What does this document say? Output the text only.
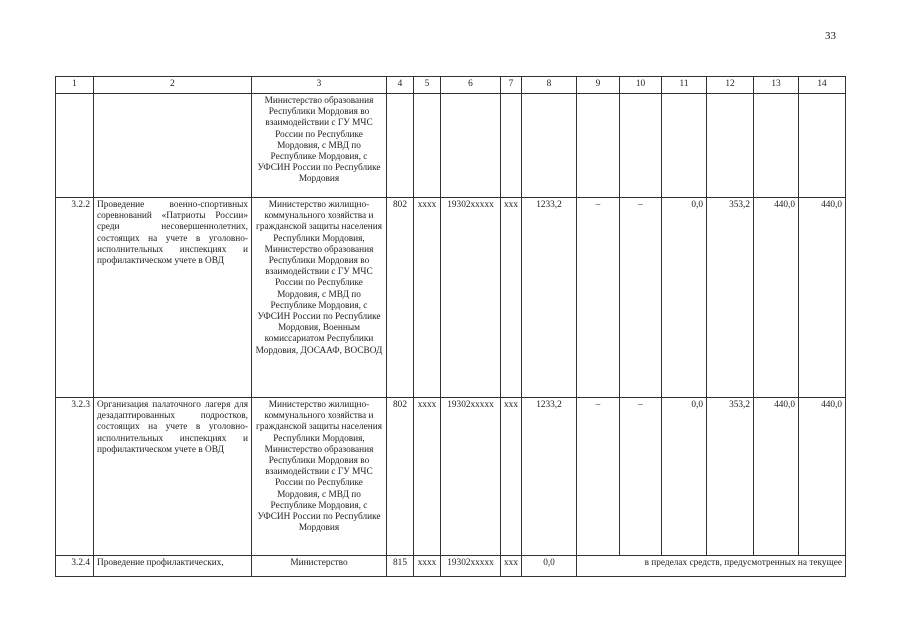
33
1	2	3	4	5	6	7	8	9	10	11	12	13	14
		Министерство образования Республики Мордовия во взаимодействии с ГУ МЧС России по Республике Мордовия, с МВД по Республике Мордовия, с УФСИН России по Республике Мордовия											
3.2.2	Проведение военно-спортивных соревнований «Патриоты России» среди несовершеннолетних, состоящих на учете в уголовно-исполнительных инспекциях и профилактическом учете в ОВД	Министерство жилищно-коммунального хозяйства и гражданской защиты населения Республики Мордовия, Министерство образования Республики Мордовия во взаимодействии с ГУ МЧС России по Республике Мордовия, с МВД по Республике Мордовия, с УФСИН России по Республике Мордовия, Военным комиссариатом Республики Мордовия, ДОСААФ, ВОСВОД	802	хххх	19302ххххх	ххх	1233,2	–	–	0,0	353,2	440,0	440,0
3.2.3	Организация палаточного лагеря для дезадаптированных подростков, состоящих на учете в уголовно-исполнительных инспекциях и профилактическом учете в ОВД	Министерство жилищно-коммунального хозяйства и гражданской защиты населения Республики Мордовия, Министерство образования Республики Мордовия во взаимодействии с ГУ МЧС России по Республике Мордовия, с МВД по Республике Мордовия, с УФСИН России по Республике Мордовия	802	хххх	19302ххххх	ххх	1233,2	–	–	0,0	353,2	440,0	440,0
3.2.4	Проведение профилактических,	Министерство	815	хххх	19302ххххх	ххх	0,0	в пределах средств, предусмотренных на текущее					
